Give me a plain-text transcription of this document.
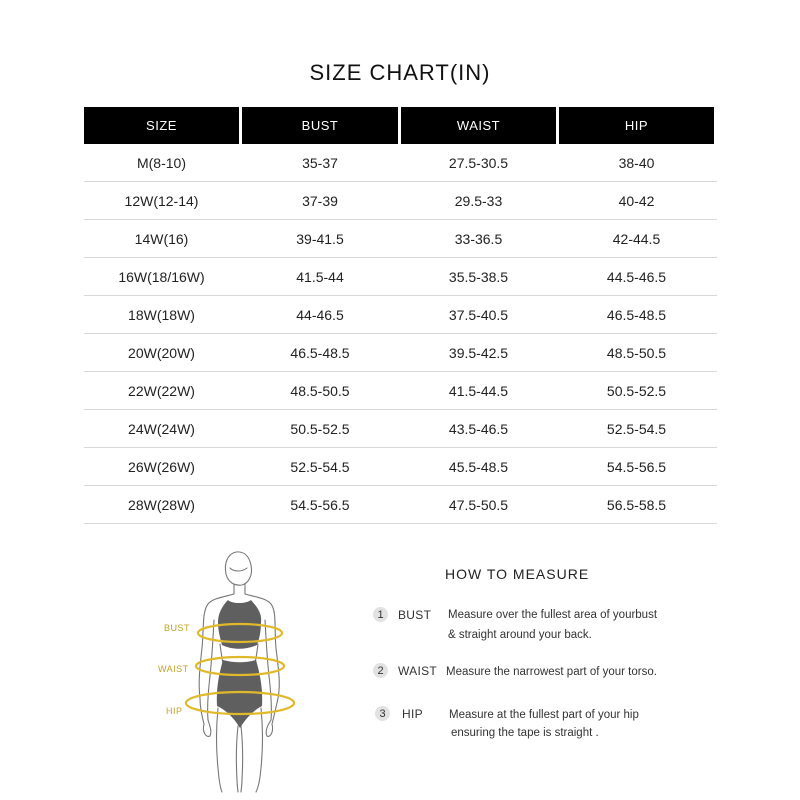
SIZE CHART(IN)
SIZE	BUST	WAIST	HIP
M(8-10)	35-37	27.5-30.5	38-40
12W(12-14)	37-39	29.5-33	40-42
14W(16)	39-41.5	33-36.5	42-44.5
16W(18/16W)	41.5-44	35.5-38.5	44.5-46.5
18W(18W)	44-46.5	37.5-40.5	46.5-48.5
20W(20W)	46.5-48.5	39.5-42.5	48.5-50.5
22W(22W)	48.5-50.5	41.5-44.5	50.5-52.5
24W(24W)	50.5-52.5	43.5-46.5	52.5-54.5
26W(26W)	52.5-54.5	45.5-48.5	54.5-56.5
28W(28W)	54.5-56.5	47.5-50.5	56.5-58.5
BUST
WAIST
HIP
HOW TO MEASURE
1	BUST Measure over the fullest area of yourbust
& straight around your back.
2	WAIST Measure the narrowest part of your torso.
3	HIP Measure at the fullest part of your hip
ensuring the tape is straight .
